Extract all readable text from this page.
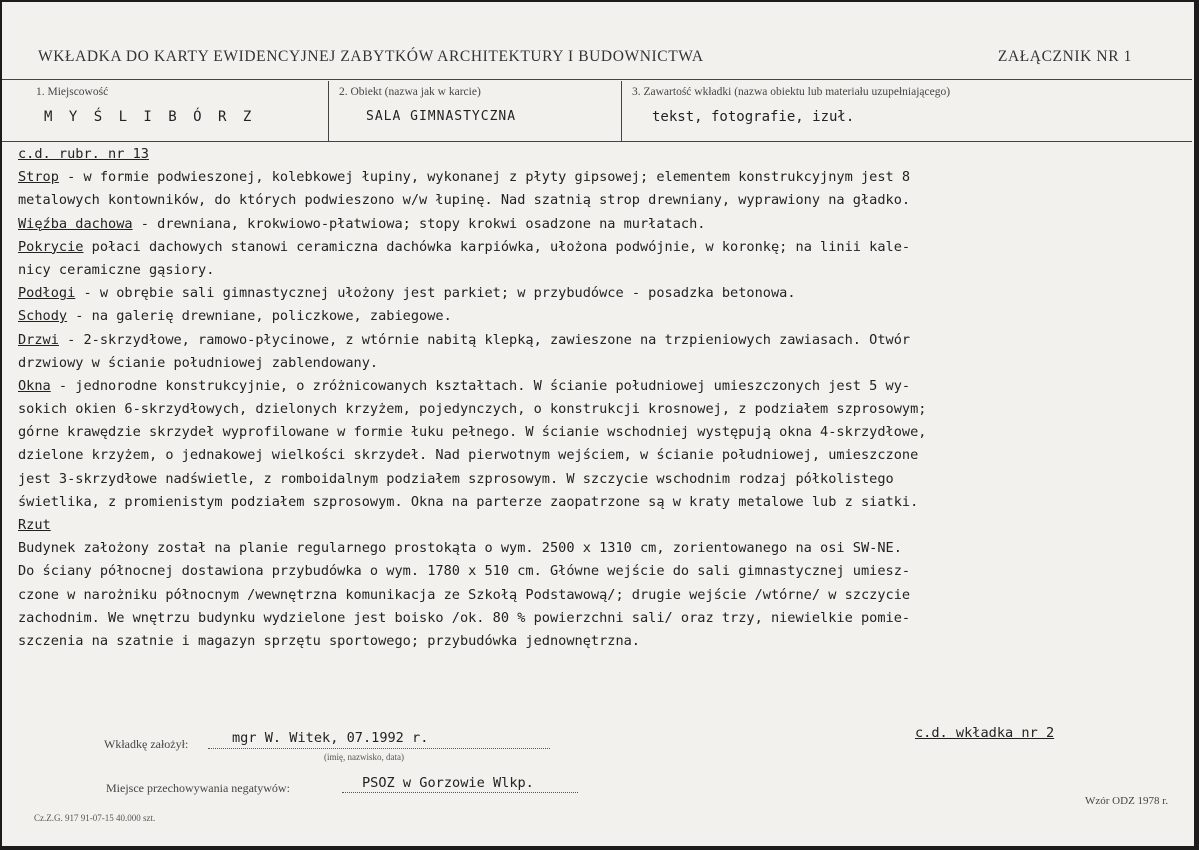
WKŁADKA DO KARTY EWIDENCYJNEJ ZABYTKÓW ARCHITEKTURY I BUDOWNICTWA	ZAŁĄCZNIK NR 1
1. Miejscowość
M Y Ś L I B Ó R Z
2. Obiekt (nazwa jak w karcie)
SALA GIMNASTYCZNA
3. Zawartość wkładki (nazwa obiektu lub materiału uzupełniającego)
tekst, fotografie, izuł.
c.d. rubr. nr 13
Strop - w formie podwieszonej, kolebkowej łupiny, wykonanej z płyty gipsowej; elementem konstrukcyjnym jest 8
metalowych kontowników, do których podwieszono w/w łupinę. Nad szatnią strop drewniany, wyprawiony na gładko.
Więźba dachowa - drewniana, krokwiowo-płatwiowa; stopy krokwi osadzone na murłatach.
Pokrycie połaci dachowych stanowi ceramiczna dachówka karpiówka, ułożona podwójnie, w koronkę; na linii kale-
nicy ceramiczne gąsiory.
Podłogi - w obrębie sali gimnastycznej ułożony jest parkiet; w przybudówce - posadzka betonowa.
Schody - na galerię drewniane, policzkowe, zabiegowe.
Drzwi - 2-skrzydłowe, ramowo-płycinowe, z wtórnie nabitą klepką, zawieszone na trzpieniowych zawiasach. Otwór
drzwiowy w ścianie południowej zablendowany.
Okna - jednorodne konstrukcyjnie, o zróżnicowanych kształtach. W ścianie południowej umieszczonych jest 5 wy-
sokich okien 6-skrzydłowych, dzielonych krzyżem, pojedynczych, o konstrukcji krosnowej, z podziałem szprosowym;
górne krawędzie skrzydeł wyprofilowane w formie łuku pełnego. W ścianie wschodniej występują okna 4-skrzydłowe,
dzielone krzyżem, o jednakowej wielkości skrzydeł. Nad pierwotnym wejściem, w ścianie południowej, umieszczone
jest 3-skrzydłowe nadświetle, z romboidalnym podziałem szprosowym. W szczycie wschodnim rodzaj półkolistego
świetlika, z promienistym podziałem szprosowym. Okna na parterze zaopatrzone są w kraty metalowe lub z siatki.
Rzut
Budynek założony został na planie regularnego prostokąta o wym. 2500 x 1310 cm, zorientowanego na osi SW-NE.
Do ściany północnej dostawiona przybudówka o wym. 1780 x 510 cm. Główne wejście do sali gimnastycznej umiesz-
czone w narożniku północnym /wewnętrzna komunikacja ze Szkołą Podstawową/; drugie wejście /wtórne/ w szczycie
zachodnim. We wnętrzu budynku wydzielone jest boisko /ok. 80 % powierzchni sali/ oraz trzy, niewielkie pomie-
szczenia na szatnie i magazyn sprzętu sportowego; przybudówka jednownętrzna.
Wkładkę założył:	mgr W. Witek, 07.1992 r.
(imię, nazwisko, data)
c.d. wkładka nr 2
Miejsce przechowywania negatywów:	PSOZ w Gorzowie Wlkp.
Cz.Z.G. 917 91-07-15 40.000 szt.
Wzór ODZ 1978 r.
